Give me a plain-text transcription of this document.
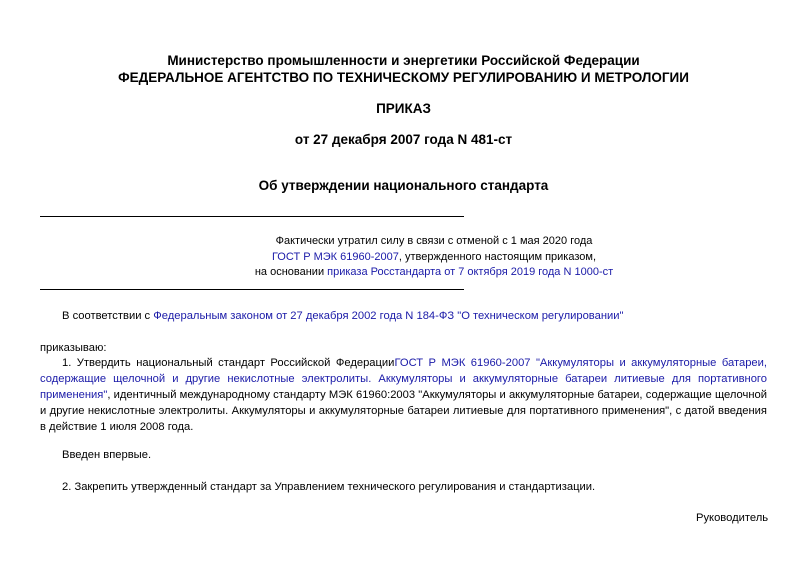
Министерство промышленности и энергетики Российской Федерации
ФЕДЕРАЛЬНОЕ АГЕНТСТВО ПО ТЕХНИЧЕСКОМУ РЕГУЛИРОВАНИЮ И МЕТРОЛОГИИ
ПРИКАЗ
от 27 декабря 2007 года N 481-ст
Об утверждении национального стандарта
Фактически утратил силу в связи с отменой с 1 мая 2020 года
ГОСТ Р МЭК 61960-2007, утвержденного настоящим приказом,
на основании приказа Росстандарта от 7 октября 2019 года N 1000-ст
В соответствии с Федеральным законом от 27 декабря 2002 года N 184-ФЗ "О техническом регулировании"
приказываю:
1. Утвердить национальный стандарт Российской ФедерацииГОСТ Р МЭК 61960-2007 "Аккумуляторы и аккумуляторные батареи, содержащие щелочной и другие некислотные электролиты. Аккумуляторы и аккумуляторные батареи литиевые для портативного применения", идентичный международному стандарту МЭК 61960:2003 "Аккумуляторы и аккумуляторные батареи, содержащие щелочной и другие некислотные электролиты. Аккумуляторы и аккумуляторные батареи литиевые для портативного применения", с датой введения в действие 1 июля 2008 года.
Введен впервые.
2. Закрепить утвержденный стандарт за Управлением технического регулирования и стандартизации.
Руководитель
